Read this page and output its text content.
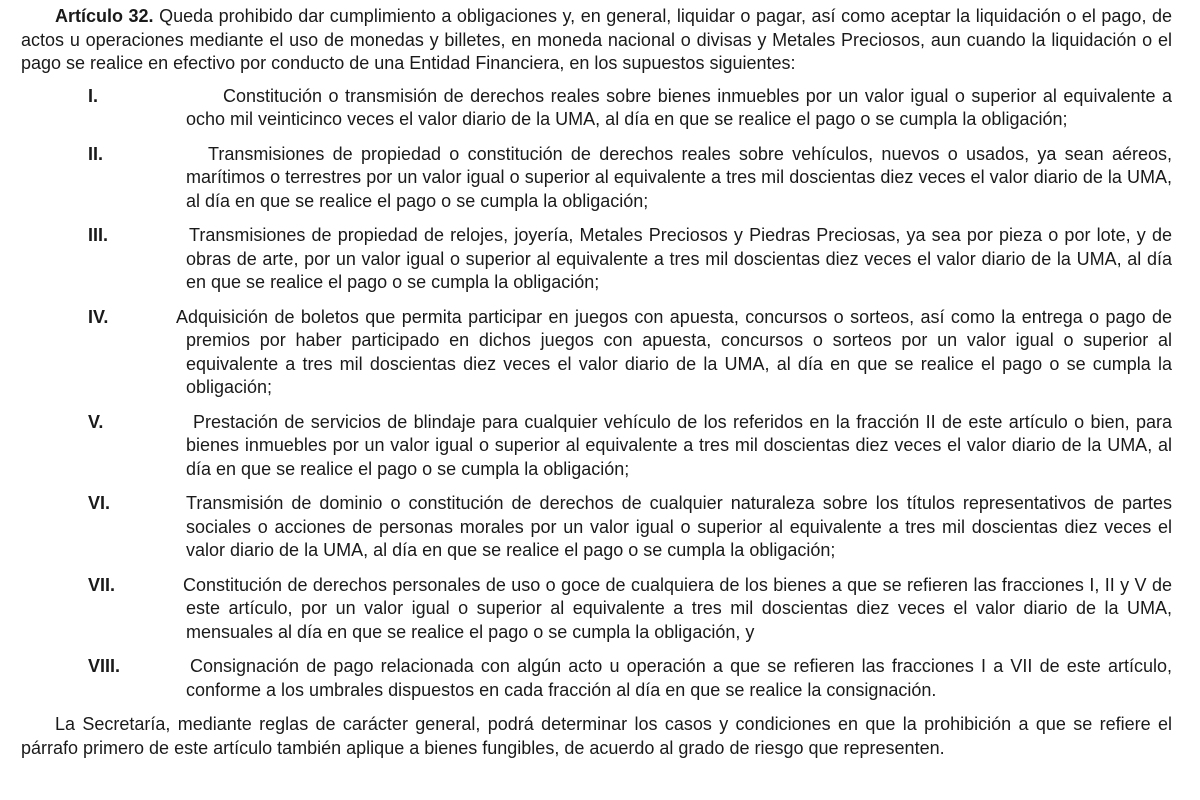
Artículo 32. Queda prohibido dar cumplimiento a obligaciones y, en general, liquidar o pagar, así como aceptar la liquidación o el pago, de actos u operaciones mediante el uso de monedas y billetes, en moneda nacional o divisas y Metales Preciosos, aun cuando la liquidación o el pago se realice en efectivo por conducto de una Entidad Financiera, en los supuestos siguientes:

I.	Constitución o transmisión de derechos reales sobre bienes inmuebles por un valor igual o superior al equivalente a ocho mil veinticinco veces el valor diario de la UMA, al día en que se realice el pago o se cumpla la obligación;

II.	Transmisiones de propiedad o constitución de derechos reales sobre vehículos, nuevos o usados, ya sean aéreos, marítimos o terrestres por un valor igual o superior al equivalente a tres mil doscientas diez veces el valor diario de la UMA, al día en que se realice el pago o se cumpla la obligación;

III.	Transmisiones de propiedad de relojes, joyería, Metales Preciosos y Piedras Preciosas, ya sea por pieza o por lote, y de obras de arte, por un valor igual o superior al equivalente a tres mil doscientas diez veces el valor diario de la UMA, al día en que se realice el pago o se cumpla la obligación;

IV.	Adquisición de boletos que permita participar en juegos con apuesta, concursos o sorteos, así como la entrega o pago de premios por haber participado en dichos juegos con apuesta, concursos o sorteos por un valor igual o superior al equivalente a tres mil doscientas diez veces el valor diario de la UMA, al día en que se realice el pago o se cumpla la obligación;

V.	Prestación de servicios de blindaje para cualquier vehículo de los referidos en la fracción II de este artículo o bien, para bienes inmuebles por un valor igual o superior al equivalente a tres mil doscientas diez veces el valor diario de la UMA, al día en que se realice el pago o se cumpla la obligación;

VI.	Transmisión de dominio o constitución de derechos de cualquier naturaleza sobre los títulos representativos de partes sociales o acciones de personas morales por un valor igual o superior al equivalente a tres mil doscientas diez veces el valor diario de la UMA, al día en que se realice el pago o se cumpla la obligación;

VII.	Constitución de derechos personales de uso o goce de cualquiera de los bienes a que se refieren las fracciones I, II y V de este artículo, por un valor igual o superior al equivalente a tres mil doscientas diez veces el valor diario de la UMA, mensuales al día en que se realice el pago o se cumpla la obligación, y

VIII.	Consignación de pago relacionada con algún acto u operación a que se refieren las fracciones I a VII de este artículo, conforme a los umbrales dispuestos en cada fracción al día en que se realice la consignación.

La Secretaría, mediante reglas de carácter general, podrá determinar los casos y condiciones en que la prohibición a que se refiere el párrafo primero de este artículo también aplique a bienes fungibles, de acuerdo al grado de riesgo que representen.
